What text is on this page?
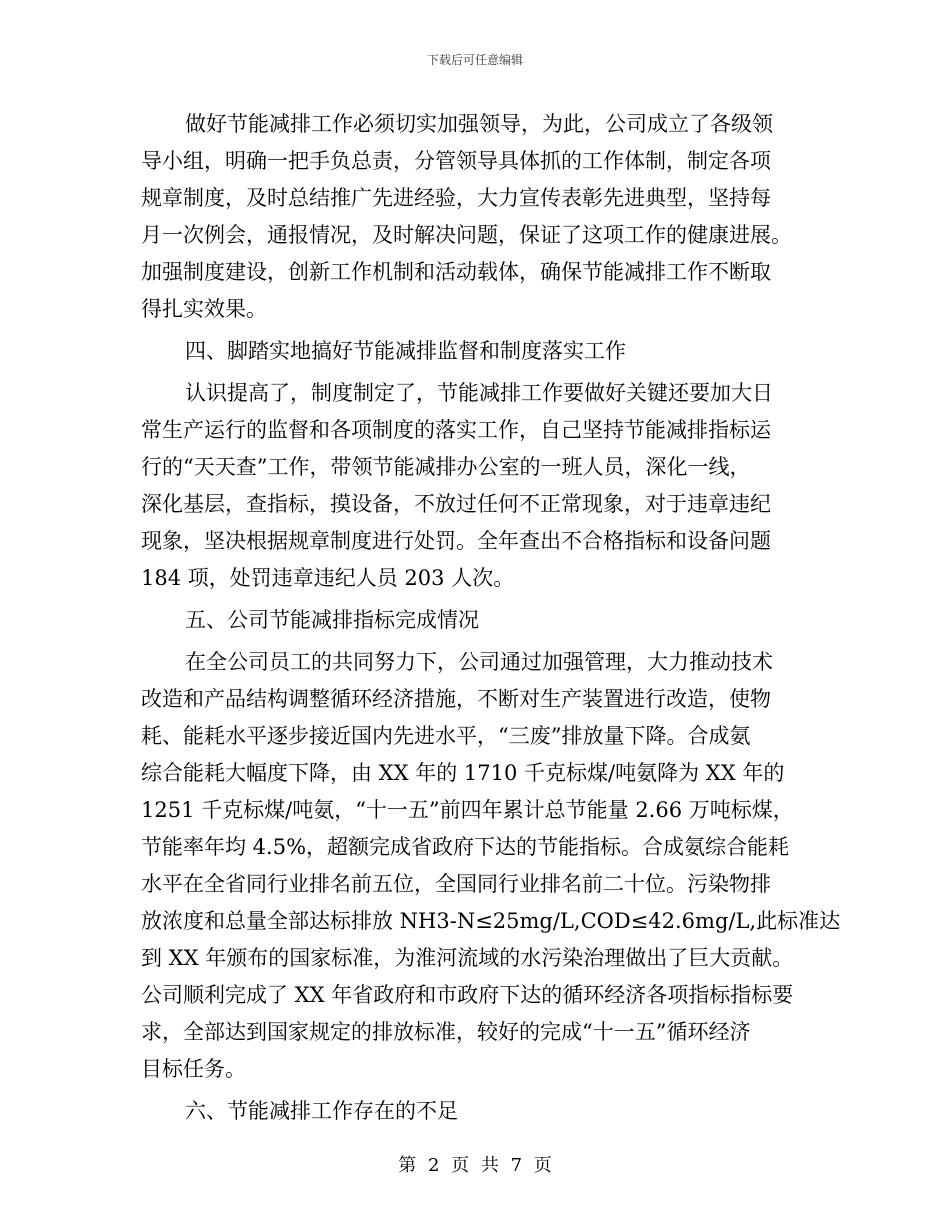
下载后可任意编辑

做好节能减排工作必须切实加强领导，为此，公司成立了各级领
导小组，明确一把手负总责，分管领导具体抓的工作体制，制定各项
规章制度，及时总结推广先进经验，大力宣传表彰先进典型，坚持每
月一次例会，通报情况，及时解决问题，保证了这项工作的健康进展。
加强制度建设，创新工作机制和活动载体，确保节能减排工作不断取
得扎实效果。

四、脚踏实地搞好节能减排监督和制度落实工作

认识提高了，制度制定了，节能减排工作要做好关键还要加大日
常生产运行的监督和各项制度的落实工作，自己坚持节能减排指标运
行的“天天查”工作，带领节能减排办公室的一班人员，深化一线，
深化基层，查指标，摸设备，不放过任何不正常现象，对于违章违纪
现象，坚决根据规章制度进行处罚。全年查出不合格指标和设备问题
184 项，处罚违章违纪人员 203 人次。

五、公司节能减排指标完成情况

在全公司员工的共同努力下，公司通过加强管理，大力推动技术
改造和产品结构调整循环经济措施，不断对生产装置进行改造，使物
耗、能耗水平逐步接近国内先进水平，“三废”排放量下降。合成氨
综合能耗大幅度下降，由 XX 年的 1710 千克标煤/吨氨降为 XX 年的
1251 千克标煤/吨氨，“十一五”前四年累计总节能量 2.66 万吨标煤，
节能率年均 4.5%，超额完成省政府下达的节能指标。合成氨综合能耗
水平在全省同行业排名前五位，全国同行业排名前二十位。污染物排
放浓度和总量全部达标排放 NH3-N≤25mg/L,COD≤42.6mg/L,此标准达
到 XX 年颁布的国家标准，为淮河流域的水污染治理做出了巨大贡献。
公司顺利完成了 XX 年省政府和市政府下达的循环经济各项指标指标要
求，全部达到国家规定的排放标准，较好的完成“十一五”循环经济
目标任务。

六、节能减排工作存在的不足

第 2 页 共 7 页
